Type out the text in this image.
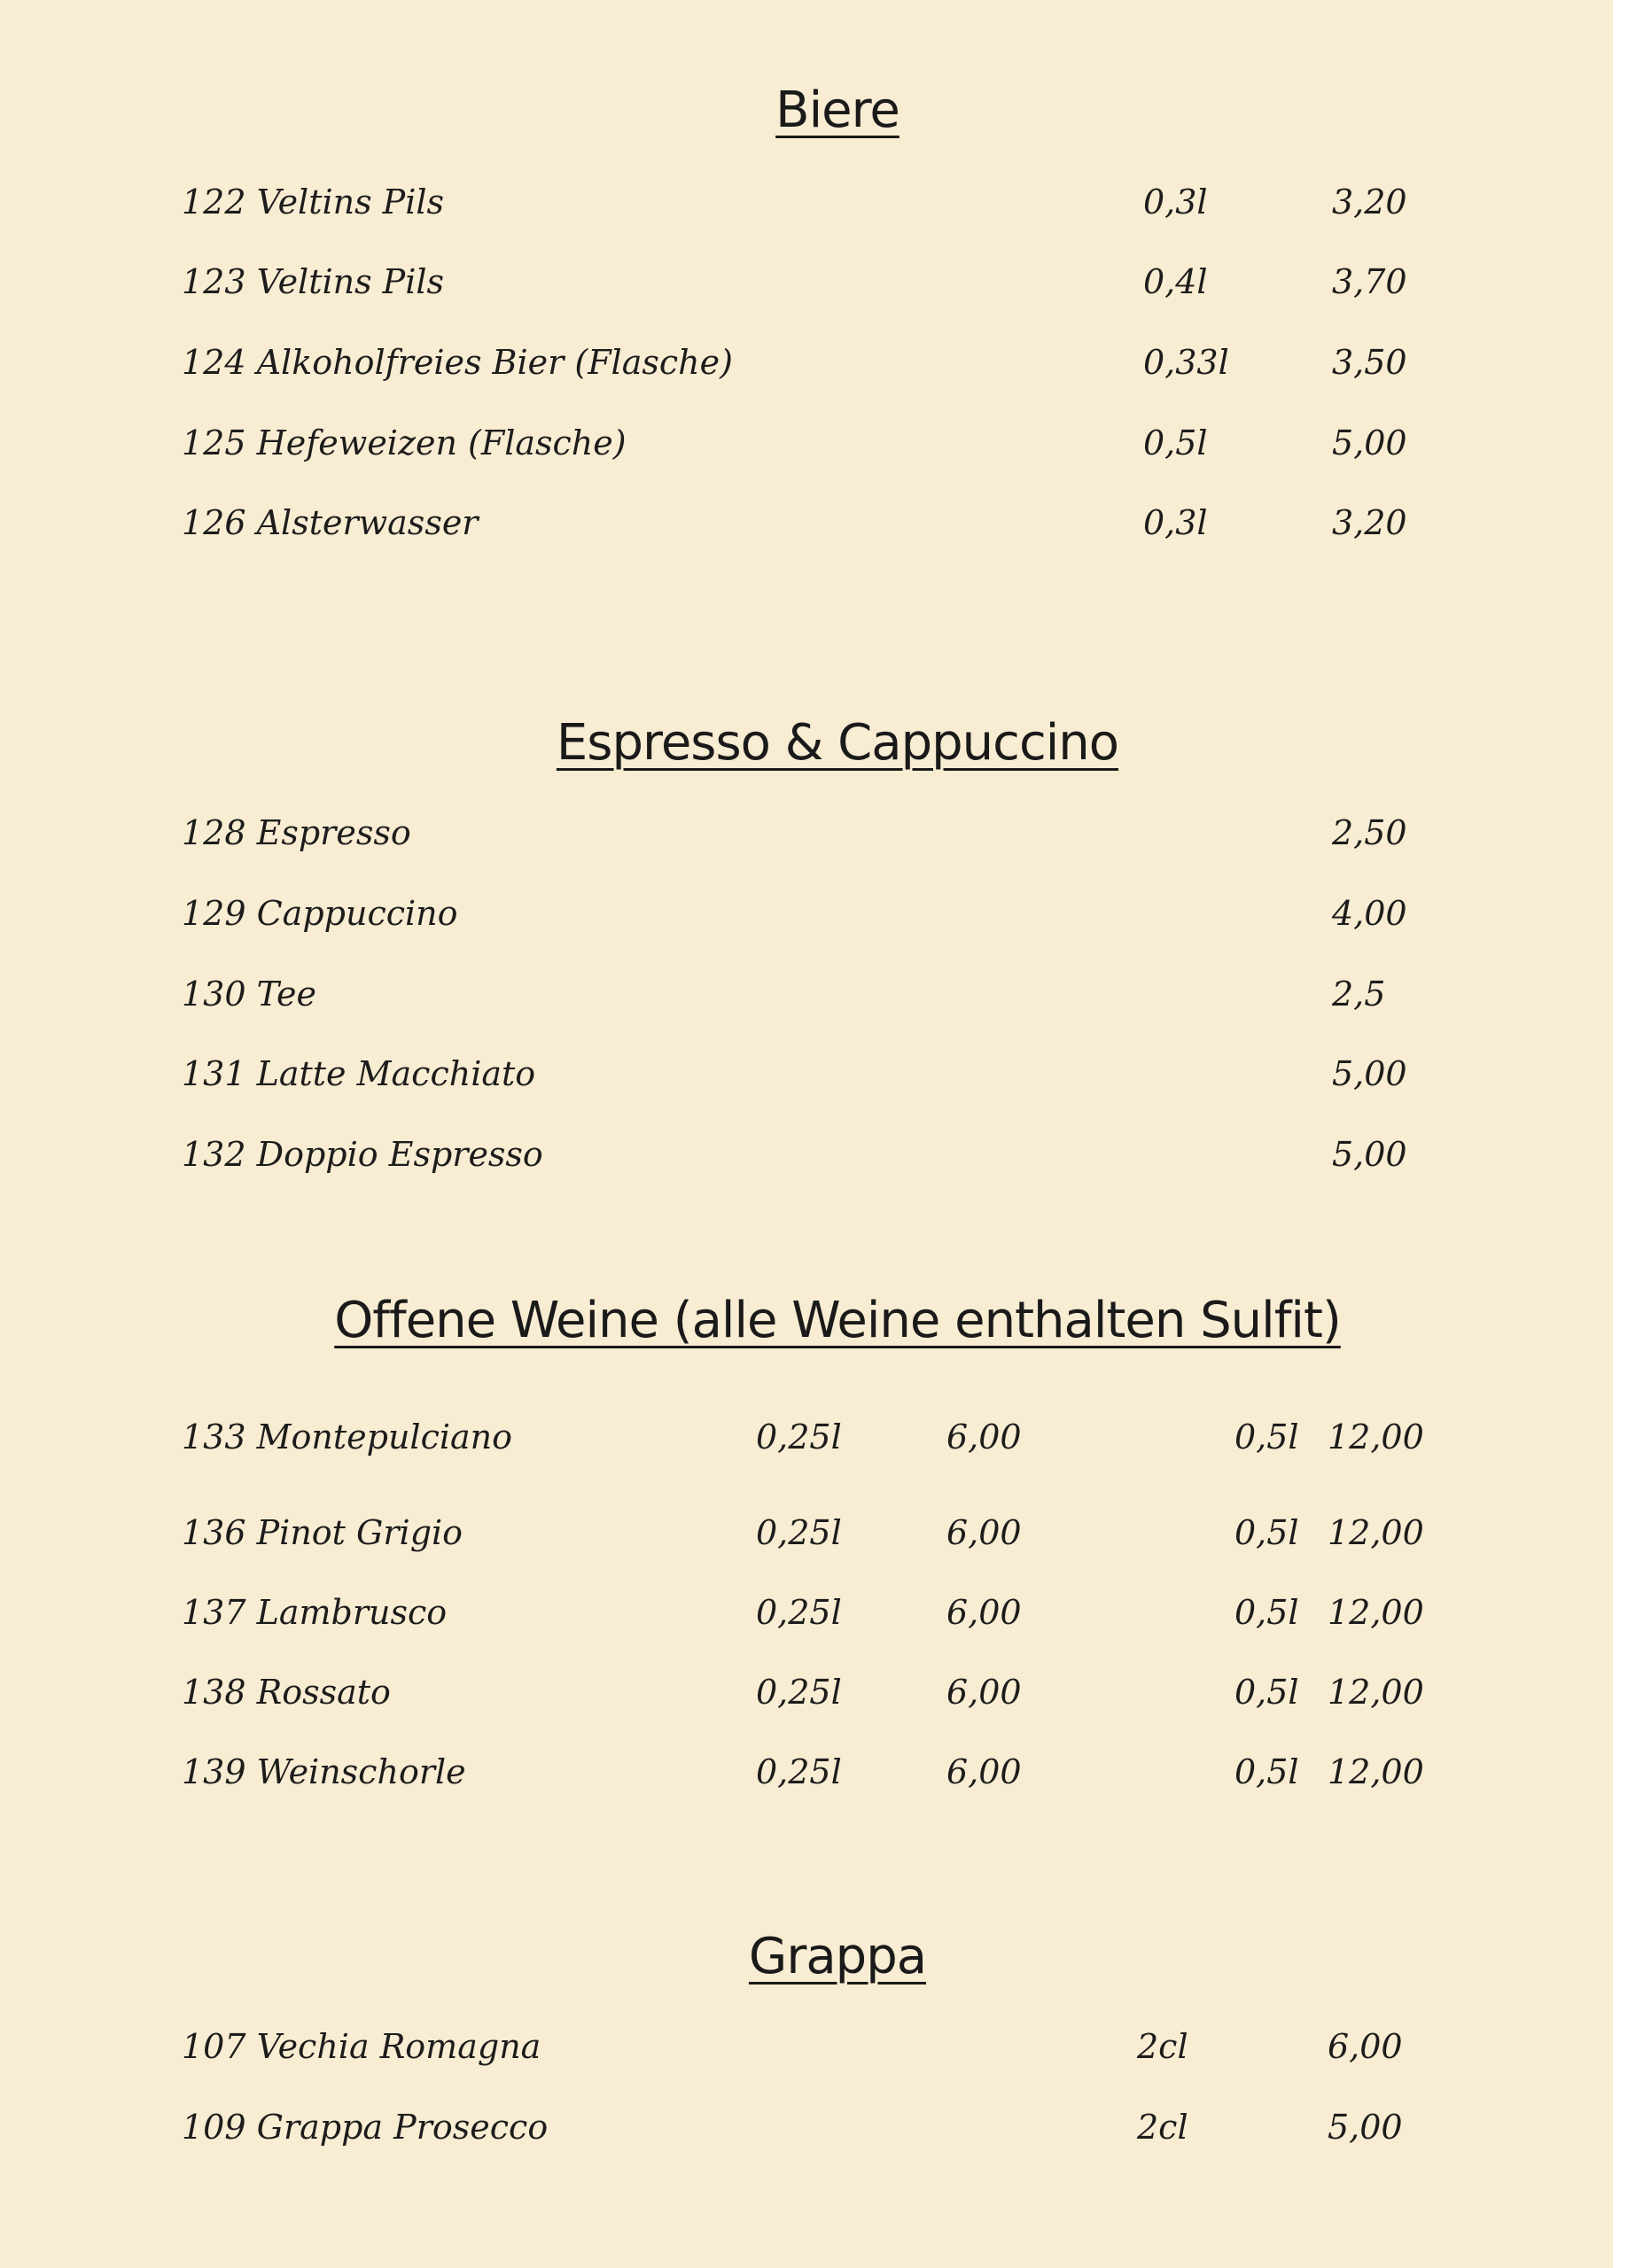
Biere
122 Veltins Pils	0,3l	3,20
123 Veltins Pils	0,4l	3,70
124 Alkoholfreies Bier (Flasche)	0,33l	3,50
125 Hefeweizen (Flasche)	0,5l	5,00
126 Alsterwasser	0,3l	3,20
Espresso & Cappuccino
128 Espresso	2,50
129 Cappuccino	4,00
130 Tee	2,5
131 Latte Macchiato	5,00
132 Doppio Espresso	5,00
Offene Weine (alle Weine enthalten Sulfit)
133 Montepulciano	0,25l	6,00	0,5l 12,00
136 Pinot Grigio	0,25l	6,00	0,5l 12,00
137 Lambrusco	0,25l	6,00	0,5l 12,00
138 Rossato	0,25l	6,00	0,5l 12,00
139 Weinschorle	0,25l	6,00	0,5l 12,00
Grappa
107 Vechia Romagna	2cl	6,00
109 Grappa Prosecco	2cl	5,00
